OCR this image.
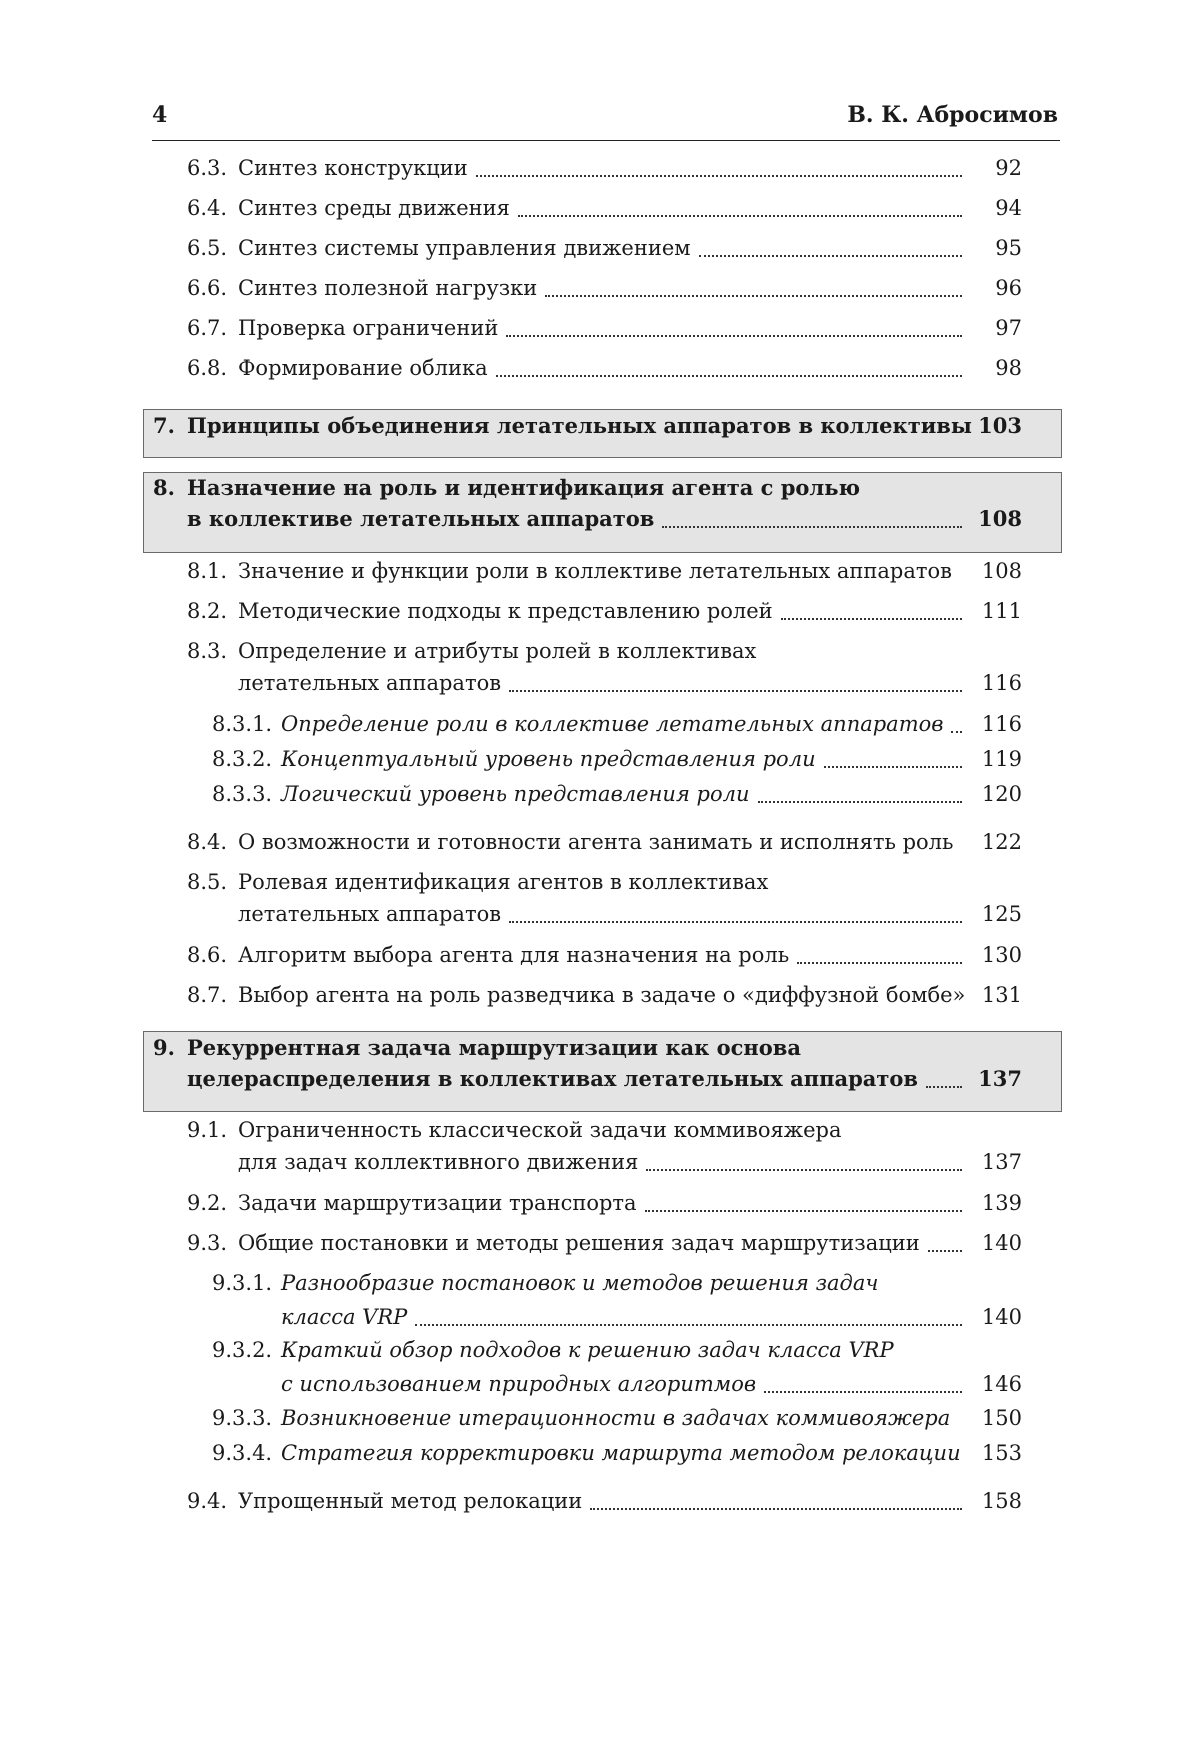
4	В. К. Абросимов
6.3. Синтез конструкции	92
6.4. Синтез среды движения	94
6.5. Синтез системы управления движением	95
6.6. Синтез полезной нагрузки	96
6.7. Проверка ограничений	97
6.8. Формирование облика	98
7. Принципы объединения летательных аппаратов в коллективы 103
8. Назначение на роль и идентификация агента с ролью
в коллективе летательных аппаратов	108
8.1. Значение и функции роли в коллективе летательных аппаратов	108
8.2. Методические подходы к представлению ролей	111
8.3. Определение и атрибуты ролей в коллективах
летательных аппаратов	116
8.3.1. Определение роли в коллективе летательных аппаратов	116
8.3.2. Концептуальный уровень представления роли	119
8.3.3. Логический уровень представления роли	120
8.4. О возможности и готовности агента занимать и исполнять роль	122
8.5. Ролевая идентификация агентов в коллективах
летательных аппаратов	125
8.6. Алгоритм выбора агента для назначения на роль	130
8.7. Выбор агента на роль разведчика в задаче о «диффузной бомбе» 131
9. Рекуррентная задача маршрутизации как основа
целераспределения в коллективах летательных аппаратов	137
9.1. Ограниченность классической задачи коммивояжера
для задач коллективного движения	137
9.2. Задачи маршрутизации транспорта	139
9.3. Общие постановки и методы решения задач маршрутизации	140
9.3.1. Разнообразие постановок и методов решения задач
класса VRP	140
9.3.2. Краткий обзор подходов к решению задач класса VRP
с использованием природных алгоритмов	146
9.3.3. Возникновение итерационности в задачах коммивояжера	150
9.3.4. Стратегия корректировки маршрута методом релокации	153
9.4. Упрощенный метод релокации	158
